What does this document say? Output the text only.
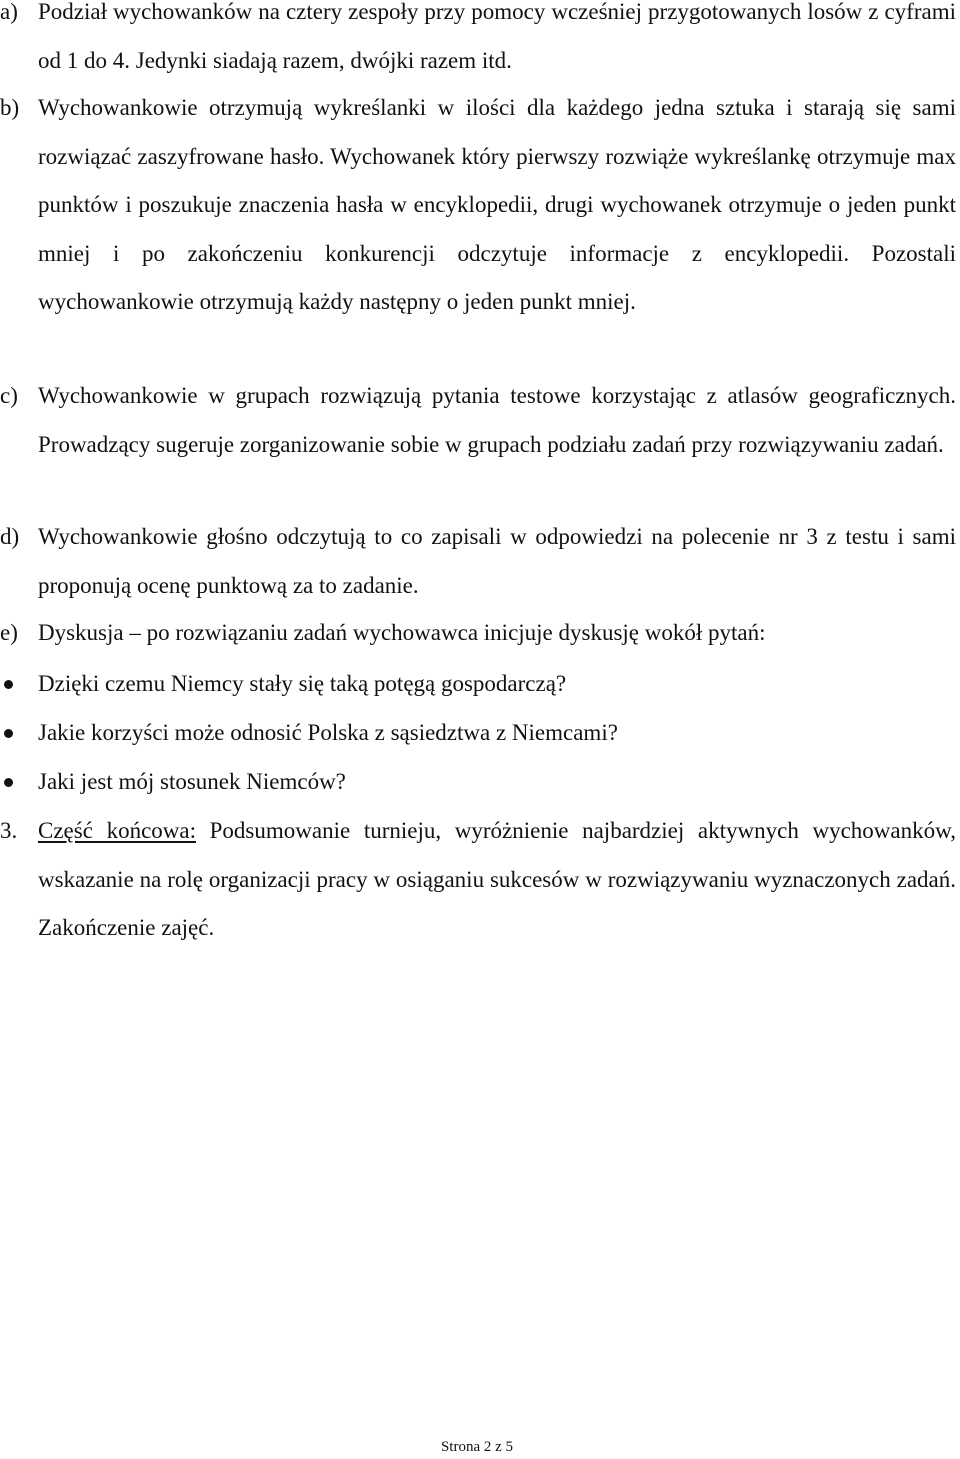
a) Podział wychowanków na cztery zespoły przy pomocy wcześniej przygotowanych losów z cyframi od 1 do 4. Jedynki siadają razem, dwójki razem itd.
b) Wychowankowie otrzymują wykreślanki w ilości dla każdego jedna sztuka i starają się sami rozwiązać zaszyfrowane hasło. Wychowanek który pierwszy rozwiąże wykreślankę otrzymuje max punktów i poszukuje znaczenia hasła w encyklopedii, drugi wychowanek otrzymuje o jeden punkt mniej i po zakończeniu konkurencji odczytuje informacje z encyklopedii. Pozostali wychowankowie otrzymują każdy następny o jeden punkt mniej.
c) Wychowankowie w grupach rozwiązują pytania testowe korzystając z atlasów geograficznych. Prowadzący sugeruje zorganizowanie sobie w grupach podziału zadań przy rozwiązywaniu zadań.
d) Wychowankowie głośno odczytują to co zapisali w odpowiedzi na polecenie nr 3 z testu i sami proponują ocenę punktową za to zadanie.
e) Dyskusja – po rozwiązaniu zadań wychowawca inicjuje dyskusję wokół pytań:
Dzięki czemu Niemcy stały się taką potęgą gospodarczą?
Jakie korzyści może odnosić Polska z sąsiedztwa z Niemcami?
Jaki jest mój stosunek Niemców?
3. Część końcowa: Podsumowanie turnieju, wyróżnienie najbardziej aktywnych wychowanków, wskazanie na rolę organizacji pracy w osiąganiu sukcesów w rozwiązywaniu wyznaczonych zadań. Zakończenie zajęć.
Strona 2 z 5
